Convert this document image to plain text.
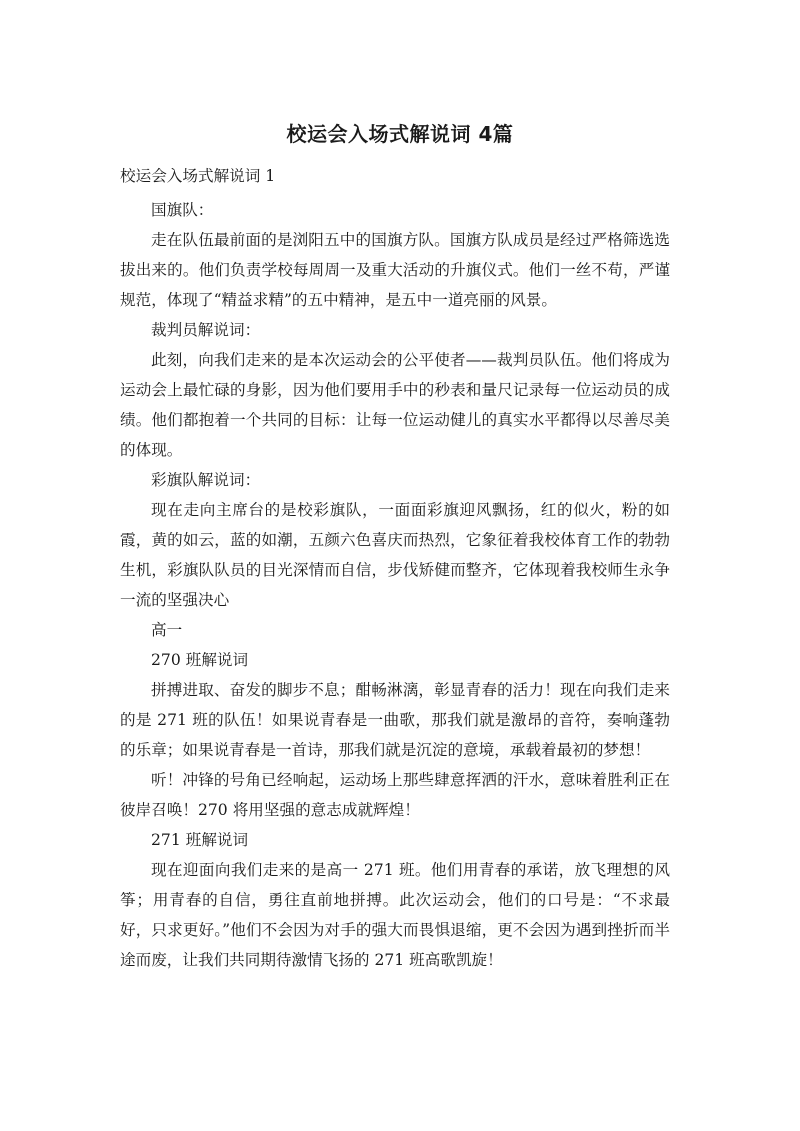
校运会入场式解说词 4篇

校运会入场式解说词 1

国旗队：

走在队伍最前面的是浏阳五中的国旗方队。国旗方队成员是经过严格筛选选拔出来的。他们负责学校每周周一及重大活动的升旗仪式。他们一丝不苟，严谨规范，体现了“精益求精”的五中精神，是五中一道亮丽的风景。

裁判员解说词：

此刻，向我们走来的是本次运动会的公平使者——裁判员队伍。他们将成为运动会上最忙碌的身影，因为他们要用手中的秒表和量尺记录每一位运动员的成绩。他们都抱着一个共同的目标：让每一位运动健儿的真实水平都得以尽善尽美的体现。

彩旗队解说词：

现在走向主席台的是校彩旗队，一面面彩旗迎风飘扬，红的似火，粉的如霞，黄的如云，蓝的如潮，五颜六色喜庆而热烈，它象征着我校体育工作的勃勃生机，彩旗队队员的目光深情而自信，步伐矫健而整齐，它体现着我校师生永争一流的坚强决心

高一

270 班解说词

拼搏进取、奋发的脚步不息；酣畅淋漓，彰显青春的活力！现在向我们走来的是 271 班的队伍！如果说青春是一曲歌，那我们就是激昂的音符，奏响蓬勃的乐章；如果说青春是一首诗，那我们就是沉淀的意境，承载着最初的梦想！

听！冲锋的号角已经响起，运动场上那些肆意挥洒的汗水，意味着胜利正在彼岸召唤！270 将用坚强的意志成就辉煌！

271 班解说词

现在迎面向我们走来的是高一 271 班。他们用青春的承诺，放飞理想的风筝；用青春的自信，勇往直前地拼搏。此次运动会，他们的口号是：“不求最好，只求更好。”他们不会因为对手的强大而畏惧退缩，更不会因为遇到挫折而半途而废，让我们共同期待激情飞扬的 271 班高歌凯旋！
